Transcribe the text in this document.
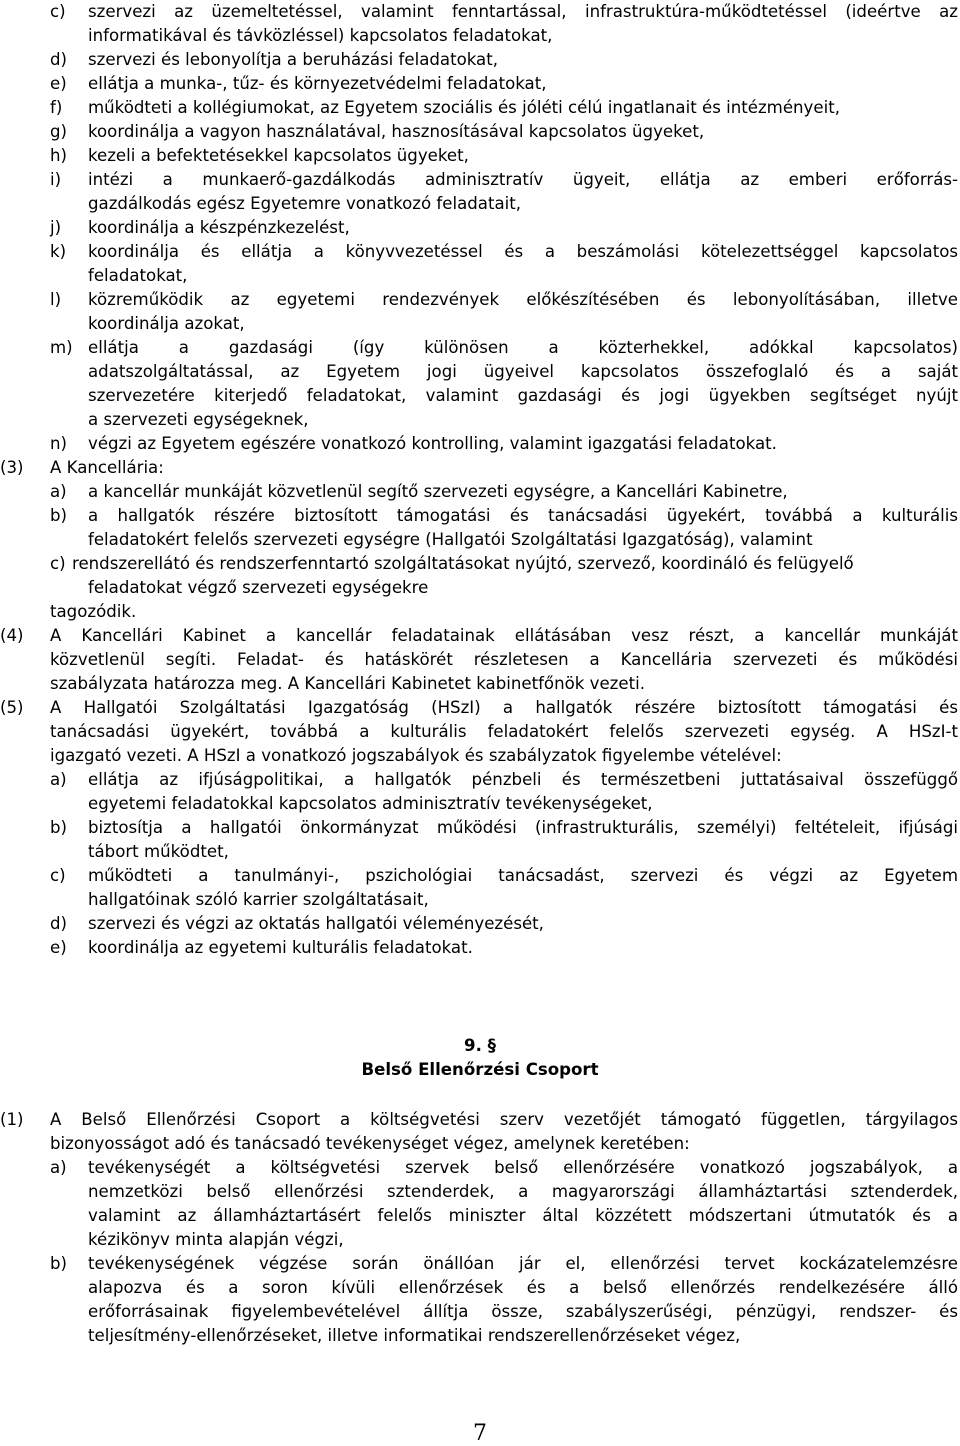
c) szervezi az üzemeltetéssel, valamint fenntartással, infrastruktúra-működtetéssel (ideértve az
informatikával és távközléssel) kapcsolatos feladatokat,
d) szervezi és lebonyolítja a beruházási feladatokat,
e) ellátja a munka-, tűz- és környezetvédelmi feladatokat,
f) működteti a kollégiumokat, az Egyetem szociális és jóléti célú ingatlanait és intézményeit,
g) koordinálja a vagyon használatával, hasznosításával kapcsolatos ügyeket,
h) kezeli a befektetésekkel kapcsolatos ügyeket,
i) intézi a munkaerő-gazdálkodás adminisztratív ügyeit, ellátja az emberi erőforrás-
gazdálkodás egész Egyetemre vonatkozó feladatait,
j) koordinálja a készpénzkezelést,
k) koordinálja és ellátja a könyvvezetéssel és a beszámolási kötelezettséggel kapcsolatos
feladatokat,
l) közreműködik az egyetemi rendezvények előkészítésében és lebonyolításában, illetve
koordinálja azokat,
m) ellátja a gazdasági (így különösen a közterhekkel, adókkal kapcsolatos)
adatszolgáltatással, az Egyetem jogi ügyeivel kapcsolatos összefoglaló és a saját
szervezetére kiterjedő feladatokat, valamint gazdasági és jogi ügyekben segítséget nyújt
a szervezeti egységeknek,
n) végzi az Egyetem egészére vonatkozó kontrolling, valamint igazgatási feladatokat.
(3) A Kancellária:
a) a kancellár munkáját közvetlenül segítő szervezeti egységre, a Kancellári Kabinetre,
b) a hallgatók részére biztosított támogatási és tanácsadási ügyekért, továbbá a kulturális
feladatokért felelős szervezeti egységre (Hallgatói Szolgáltatási Igazgatóság), valamint
c) rendszerellátó és rendszerfenntartó szolgáltatásokat nyújtó, szervező, koordináló és felügyelő
feladatokat végző szervezeti egységekre
tagozódik.
(4) A Kancellári Kabinet a kancellár feladatainak ellátásában vesz részt, a kancellár munkáját
közvetlenül segíti. Feladat- és hatáskörét részletesen a Kancellária szervezeti és működési
szabályzata határozza meg. A Kancellári Kabinetet kabinetfőnök vezeti.
(5) A Hallgatói Szolgáltatási Igazgatóság (HSzI) a hallgatók részére biztosított támogatási és
tanácsadási ügyekért, továbbá a kulturális feladatokért felelős szervezeti egység. A HSzI-t
igazgató vezeti. A HSzI a vonatkozó jogszabályok és szabályzatok figyelembe vételével:
a) ellátja az ifjúságpolitikai, a hallgatók pénzbeli és természetbeni juttatásaival összefüggő
egyetemi feladatokkal kapcsolatos adminisztratív tevékenységeket,
b) biztosítja a hallgatói önkormányzat működési (infrastrukturális, személyi) feltételeit, ifjúsági
tábort működtet,
c) működteti a tanulmányi-, pszichológiai tanácsadást, szervezi és végzi az Egyetem
hallgatóinak szóló karrier szolgáltatásait,
d) szervezi és végzi az oktatás hallgatói véleményezését,
e) koordinálja az egyetemi kulturális feladatokat.
9. §
Belső Ellenőrzési Csoport
(1) A Belső Ellenőrzési Csoport a költségvetési szerv vezetőjét támogató független, tárgyilagos
bizonyosságot adó és tanácsadó tevékenységet végez, amelynek keretében:
a) tevékenységét a költségvetési szervek belső ellenőrzésére vonatkozó jogszabályok, a
nemzetközi belső ellenőrzési sztenderdek, a magyarországi államháztartási sztenderdek,
valamint az államháztartásért felelős miniszter által közzétett módszertani útmutatók és a
kézikönyv minta alapján végzi,
b) tevékenységének végzése során önállóan jár el, ellenőrzési tervet kockázatelemzésre
alapozva és a soron kívüli ellenőrzések és a belső ellenőrzés rendelkezésére álló
erőforrásainak figyelembevételével állítja össze, szabályszerűségi, pénzügyi, rendszer- és
teljesítmény-ellenőrzéseket, illetve informatikai rendszerellenőrzéseket végez,
7
